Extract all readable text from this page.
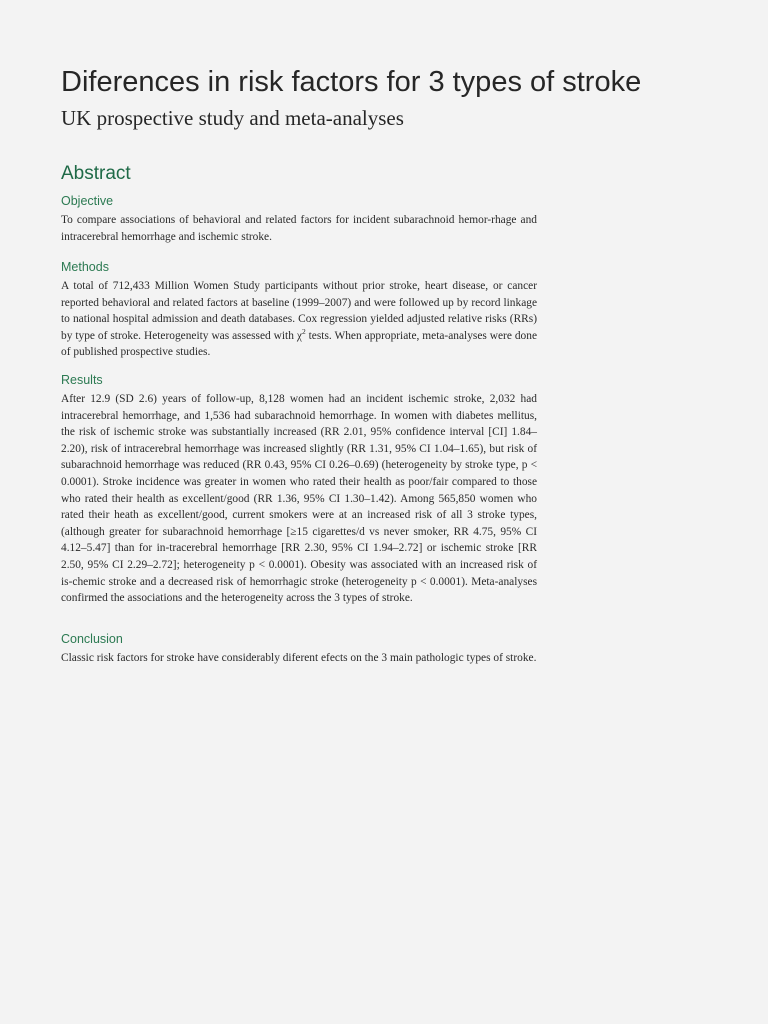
Diferences in risk factors for 3 types of stroke
UK prospective study and meta-analyses
Abstract
Objective

To compare associations of behavioral and related factors for incident subarachnoid hemor-rhage and intracerebral hemorrhage and ischemic stroke.

Methods

A total of 712,433 Million Women Study participants without prior stroke, heart disease, or cancer reported behavioral and related factors at baseline (1999–2007) and were followed up by record linkage to national hospital admission and death databases. Cox regression yielded adjusted relative risks (RRs) by type of stroke. Heterogeneity was assessed with $\chi^2$ tests. When appropriate, meta-analyses were done of published prospective studies.

Results

After 12.9 (SD 2.6) years of follow-up, 8,128 women had an incident ischemic stroke, 2,032 had intracerebral hemorrhage, and 1,536 had subarachnoid hemorrhage. In women with diabetes mellitus, the risk of ischemic stroke was substantially increased (RR 2.01, 95% confidence interval [CI] 1.84–2.20), risk of intracerebral hemorrhage was increased slightly (RR 1.31, 95% CI 1.04–1.65), but risk of subarachnoid hemorrhage was reduced (RR 0.43, 95% CI 0.26–0.69) (heterogeneity by stroke type, p < 0.0001). Stroke incidence was greater in women who rated their health as poor/fair compared to those who rated their health as excellent/good (RR 1.36, 95% CI 1.30–1.42). Among 565,850 women who rated their heath as excellent/good, current smokers were at an increased risk of all 3 stroke types, (although greater for subarachnoid hemorrhage [≥15 cigarettes/d vs never smoker, RR 4.75, 95% CI 4.12–5.47] than for in-tracerebral hemorrhage [RR 2.30, 95% CI 1.94–2.72] or ischemic stroke [RR 2.50, 95% CI 2.29–2.72]; heterogeneity p < 0.0001). Obesity was associated with an increased risk of is-chemic stroke and a decreased risk of hemorrhagic stroke (heterogeneity p < 0.0001). Meta-analyses confirmed the associations and the heterogeneity across the 3 types of stroke.

Conclusion

Classic risk factors for stroke have considerably diferent efects on the 3 main pathologic types of stroke.
